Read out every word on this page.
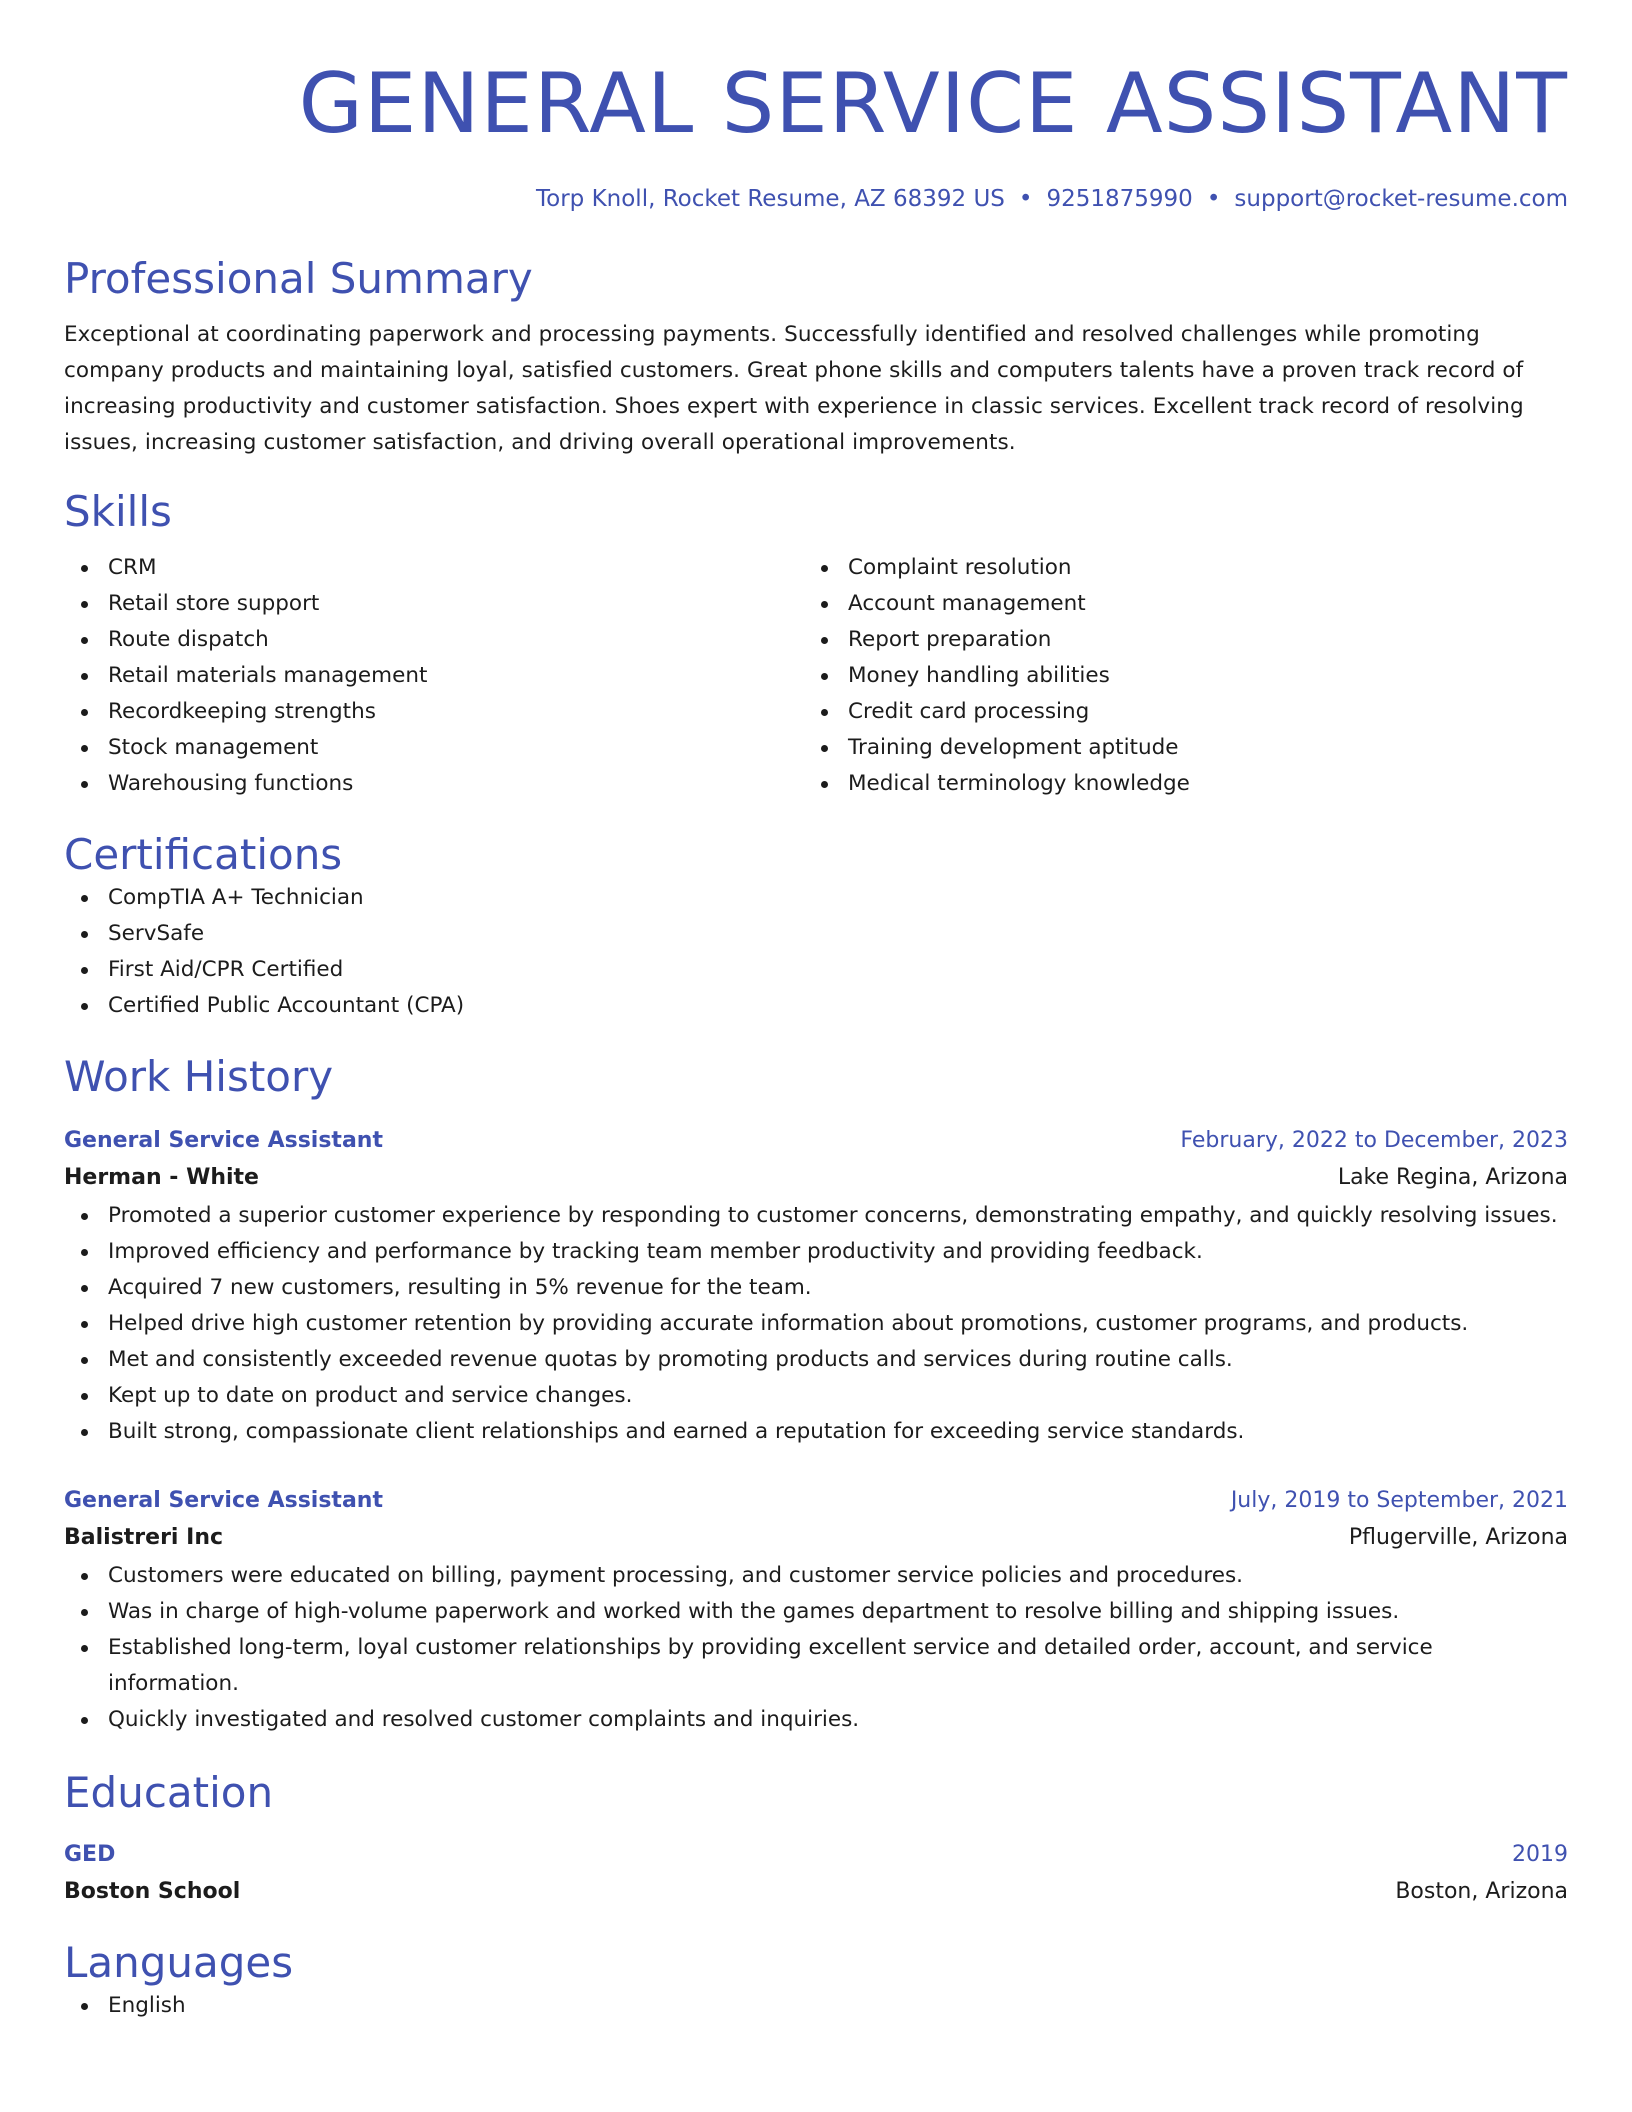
GENERAL SERVICE ASSISTANT
Torp Knoll, Rocket Resume, AZ 68392 US • 9251875990 • support@rocket-resume.com
Professional Summary

Exceptional at coordinating paperwork and processing payments. Successfully identified and resolved challenges while promoting company products and maintaining loyal, satisfied customers. Great phone skills and computers talents have a proven track record of increasing productivity and customer satisfaction. Shoes expert with experience in classic services. Excellent track record of resolving issues, increasing customer satisfaction, and driving overall operational improvements.

Skills
CRM
Retail store support
Route dispatch
Retail materials management
Recordkeeping strengths
Stock management
Warehousing functions
Complaint resolution
Account management
Report preparation
Money handling abilities
Credit card processing
Training development aptitude
Medical terminology knowledge
Certifications
CompTIA A+ Technician
ServSafe
First Aid/CPR Certified
Certified Public Accountant (CPA)
Work History
General Service Assistant	February, 2022 to December, 2023
Herman - White	Lake Regina, Arizona
Promoted a superior customer experience by responding to customer concerns, demonstrating empathy, and quickly resolving issues.
Improved efficiency and performance by tracking team member productivity and providing feedback.
Acquired 7 new customers, resulting in 5% revenue for the team.
Helped drive high customer retention by providing accurate information about promotions, customer programs, and products.
Met and consistently exceeded revenue quotas by promoting products and services during routine calls.
Kept up to date on product and service changes.
Built strong, compassionate client relationships and earned a reputation for exceeding service standards.
General Service Assistant	July, 2019 to September, 2021
Balistreri Inc	Pflugerville, Arizona
Customers were educated on billing, payment processing, and customer service policies and procedures.
Was in charge of high-volume paperwork and worked with the games department to resolve billing and shipping issues.
Established long-term, loyal customer relationships by providing excellent service and detailed order, account, and service information.
Quickly investigated and resolved customer complaints and inquiries.
Education
GED	2019
Boston School	Boston, Arizona
Languages
English
